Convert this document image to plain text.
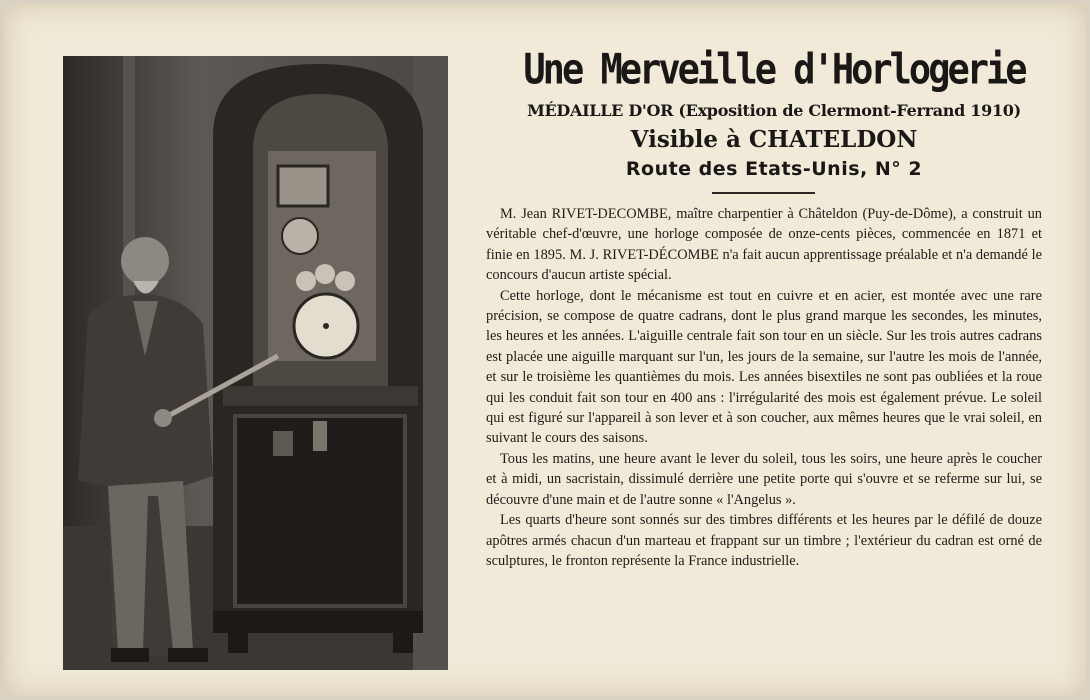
Une Merveille d'Horlogerie
MÉDAILLE D'OR (Exposition de Clermont-Ferrand 1910)
Visible à CHATELDON
Route des Etats-Unis, N° 2

M. Jean RIVET-DECOMBE, maître charpentier à Châteldon (Puy-de-Dôme), a construit un véritable chef-d'œuvre, une horloge composée de onze-cents pièces, commencée en 1871 et finie en 1895. M. J. RIVET-DÉCOMBE n'a fait aucun apprentissage préalable et n'a demandé le concours d'aucun artiste spécial.

Cette horloge, dont le mécanisme est tout en cuivre et en acier, est montée avec une rare précision, se compose de quatre cadrans, dont le plus grand marque les secondes, les minutes, les heures et les années. L'aiguille centrale fait son tour en un siècle. Sur les trois autres cadrans est placée une aiguille marquant sur l'un, les jours de la semaine, sur l'autre les mois de l'année, et sur le troisième les quantièmes du mois. Les années bisextiles ne sont pas oubliées et la roue qui les conduit fait son tour en 400 ans : l'irrégularité des mois est également prévue. Le soleil qui est figuré sur l'appareil à son lever et à son coucher, aux mêmes heures que le vrai soleil, en suivant le cours des saisons.

Tous les matins, une heure avant le lever du soleil, tous les soirs, une heure après le coucher et à midi, un sacristain, dissimulé derrière une petite porte qui s'ouvre et se referme sur lui, se découvre d'une main et de l'autre sonne « l'Angelus ».

Les quarts d'heure sont sonnés sur des timbres différents et les heures par le défilé de douze apôtres armés chacun d'un marteau et frappant sur un timbre ; l'extérieur du cadran est orné de sculptures, le fronton représente la France industrielle.
